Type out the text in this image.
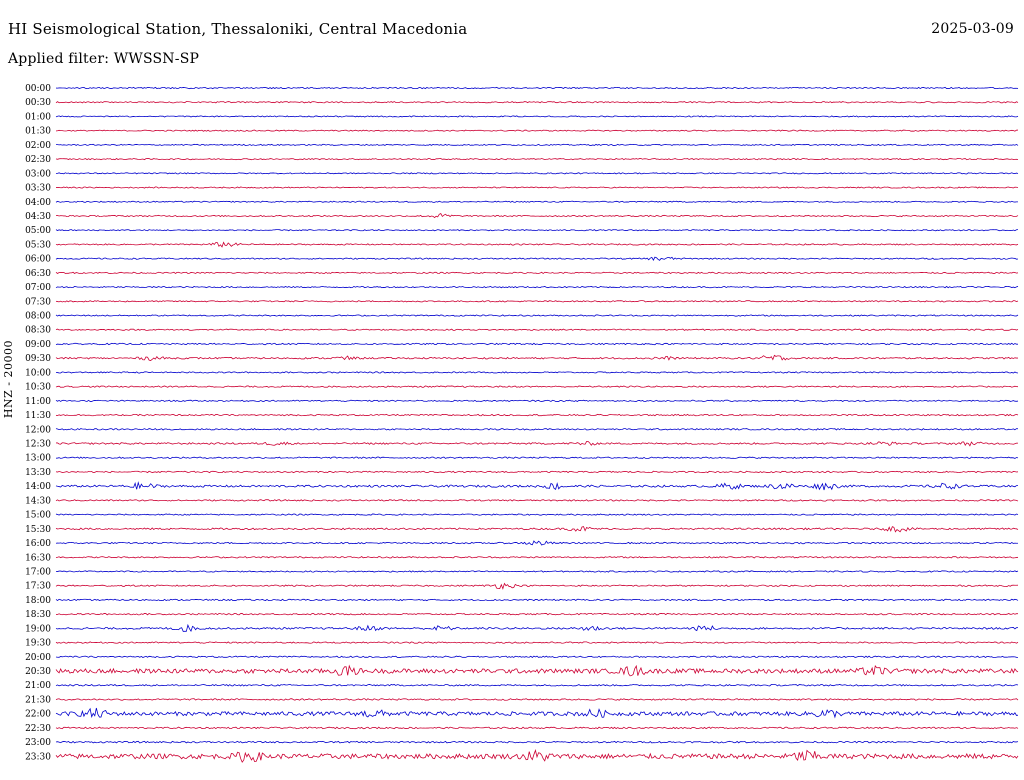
HI Seismological Station, Thessaloniki, Central Macedonia	2025-03-09
Applied filter: WWSSN-SP
HNZ - 20000
00:00
00:30
01:00
01:30
02:00
02:30
03:00
03:30
04:00
04:30
05:00
05:30
06:00
06:30
07:00
07:30
08:00
08:30
09:00
09:30
10:00
10:30
11:00
11:30
12:00
12:30
13:00
13:30
14:00
14:30
15:00
15:30
16:00
16:30
17:00
17:30
18:00
18:30
19:00
19:30
20:00
20:30
21:00
21:30
22:00
22:30
23:00
23:30
